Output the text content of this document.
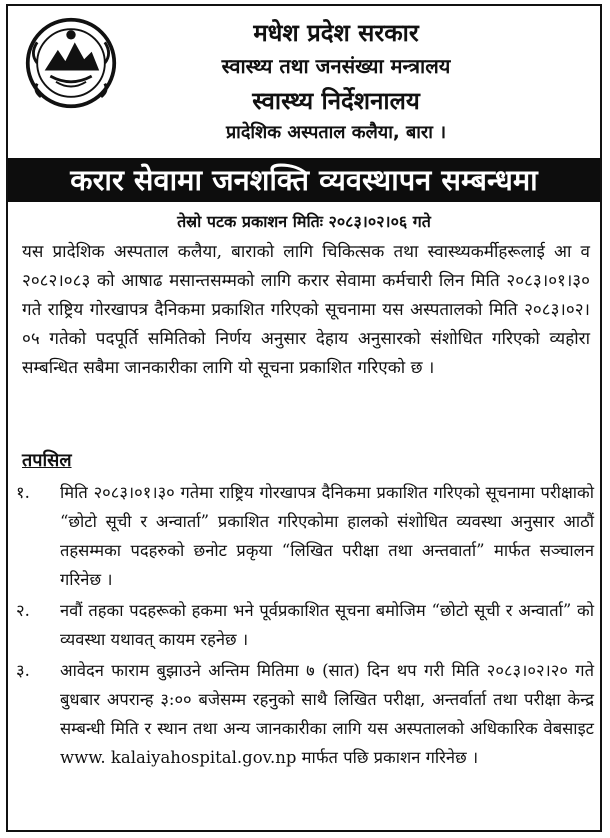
मधेश प्रदेश सरकार
स्वास्थ्य तथा जनसंख्या मन्त्रालय
स्वास्थ्य निर्देशनालय
प्रादेशिक अस्पताल कलैया, बारा ।
करार सेवामा जनशक्ति व्यवस्थापन सम्बन्धमा
तेस्रो पटक प्रकाशन मितिः २०८३।०२।०६ गते
यस प्रादेशिक अस्पताल कलैया, बाराको लागि चिकित्सक तथा स्वास्थ्यकर्मीहरूलाई आ व २०८२।०८३ को आषाढ मसान्तसम्मको लागि करार सेवामा कर्मचारी लिन मिति २०८३।०१।३० गते राष्ट्रिय गोरखापत्र दैनिकमा प्रकाशित गरिएको सूचनामा यस अस्पतालको मिति २०८३।०२।०५ गतेको पदपूर्ति समितिको निर्णय अनुसार देहाय अनुसारको संशोधित गरिएको व्यहोरा सम्बन्धित सबैमा जानकारीका लागि यो सूचना प्रकाशित गरिएको छ ।
तपसिल
१.	मिति २०८३।०१।३० गतेमा राष्ट्रिय गोरखापत्र दैनिकमा प्रकाशित गरिएको सूचनामा परीक्षाको “छोटो सूची र अन्वार्ता” प्रकाशित गरिएकोमा हालको संशोधित व्यवस्था अनुसार आठौं तहसम्मका पदहरुको छनोट प्रकृया “लिखित परीक्षा तथा अन्तवार्ता” मार्फत सञ्चालन गरिनेछ ।
२.	नवौं तहका पदहरूको हकमा भने पूर्वप्रकाशित सूचना बमोजिम “छोटो सूची र अन्वार्ता” को व्यवस्था यथावत् कायम रहनेछ ।
३.	आवेदन फाराम बुझाउने अन्तिम मितिमा ७ (सात) दिन थप गरी मिति २०८३।०२।२० गते बुधबार अपरान्ह ३:०० बजेसम्म रहनुको साथै लिखित परीक्षा, अन्तर्वार्ता तथा परीक्षा केन्द्र सम्बन्धी मिति र स्थान तथा अन्य जानकारीका लागि यस अस्पतालको अधिकारिक वेबसाइट www. kalaiyahospital.gov.np मार्फत पछि प्रकाशन गरिनेछ ।
